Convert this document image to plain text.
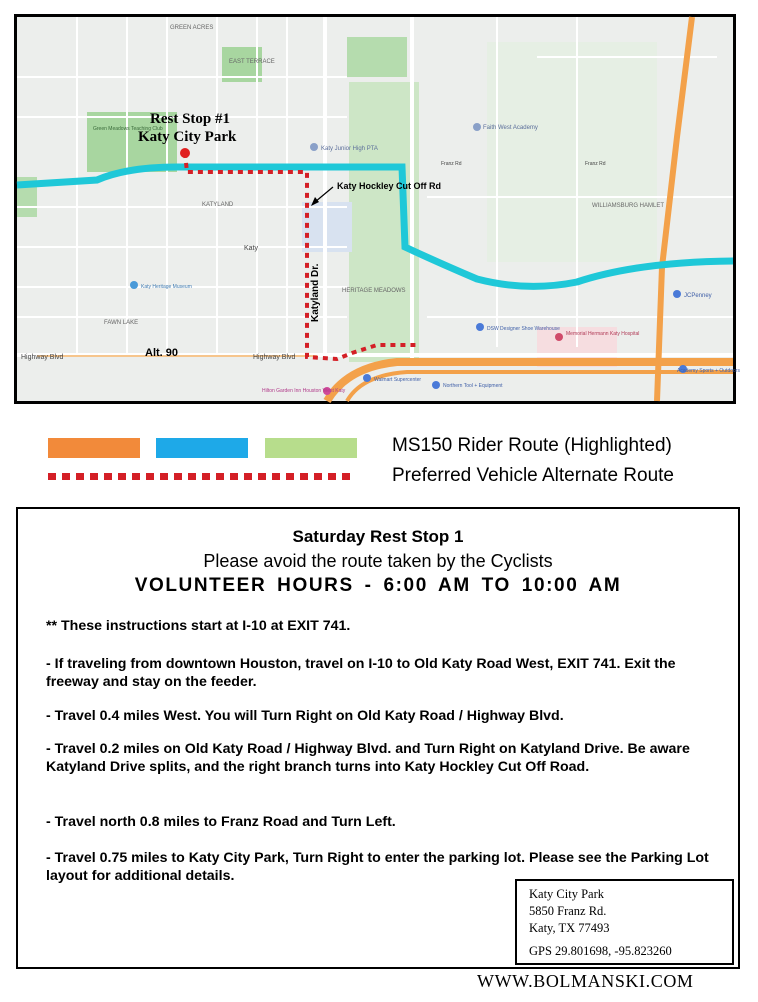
Rest Stop #1
Katy City Park
Katy Hockley Cut Off Rd
Katyland Dr.
Alt. 90
Highway Blvd	Highway Blvd
GREEN ACRES
EAST TERRACE
KATYLAND
Katy
HERITAGE MEADOWS
FAWN LAKE
WILLIAMSBURG HAMLET
Franz Rd
Franz Rd
Katy Junior High PTA
Faith West Academy
JCPenney
DSW Designer Shoe Warehouse
Memorial Hermann Katy Hospital
Walmart Supercenter
Northern Tool + Equipment
Hilton Garden Inn Houston West Katy
Academy Sports + Outdoors
Katy Heritage Museum
Green Meadows Teaching Club
MS150 Rider Route (Highlighted)
Preferred Vehicle Alternate Route
Saturday Rest Stop 1
Please avoid the route taken by the Cyclists
VOLUNTEER HOURS - 6:00 AM TO 10:00 AM
** These instructions start at I-10 at EXIT 741.
- If traveling from downtown Houston, travel on I-10 to Old Katy Road West, EXIT 741. Exit the freeway and stay on the feeder.
- Travel 0.4 miles West. You will Turn Right on Old Katy Road / Highway Blvd.
- Travel 0.2 miles on Old Katy Road / Highway Blvd. and Turn Right on Katyland Drive. Be aware Katyland Drive splits, and the right branch turns into Katy Hockley Cut Off Road.
- Travel north 0.8 miles to Franz Road and Turn Left.
- Travel 0.75 miles to Katy City Park, Turn Right to enter the parking lot. Please see the Parking Lot layout for additional details.
Katy City Park
5850 Franz Rd.
Katy, TX 77493
GPS 29.801698, -95.823260
WWW.BOLMANSKI.COM
